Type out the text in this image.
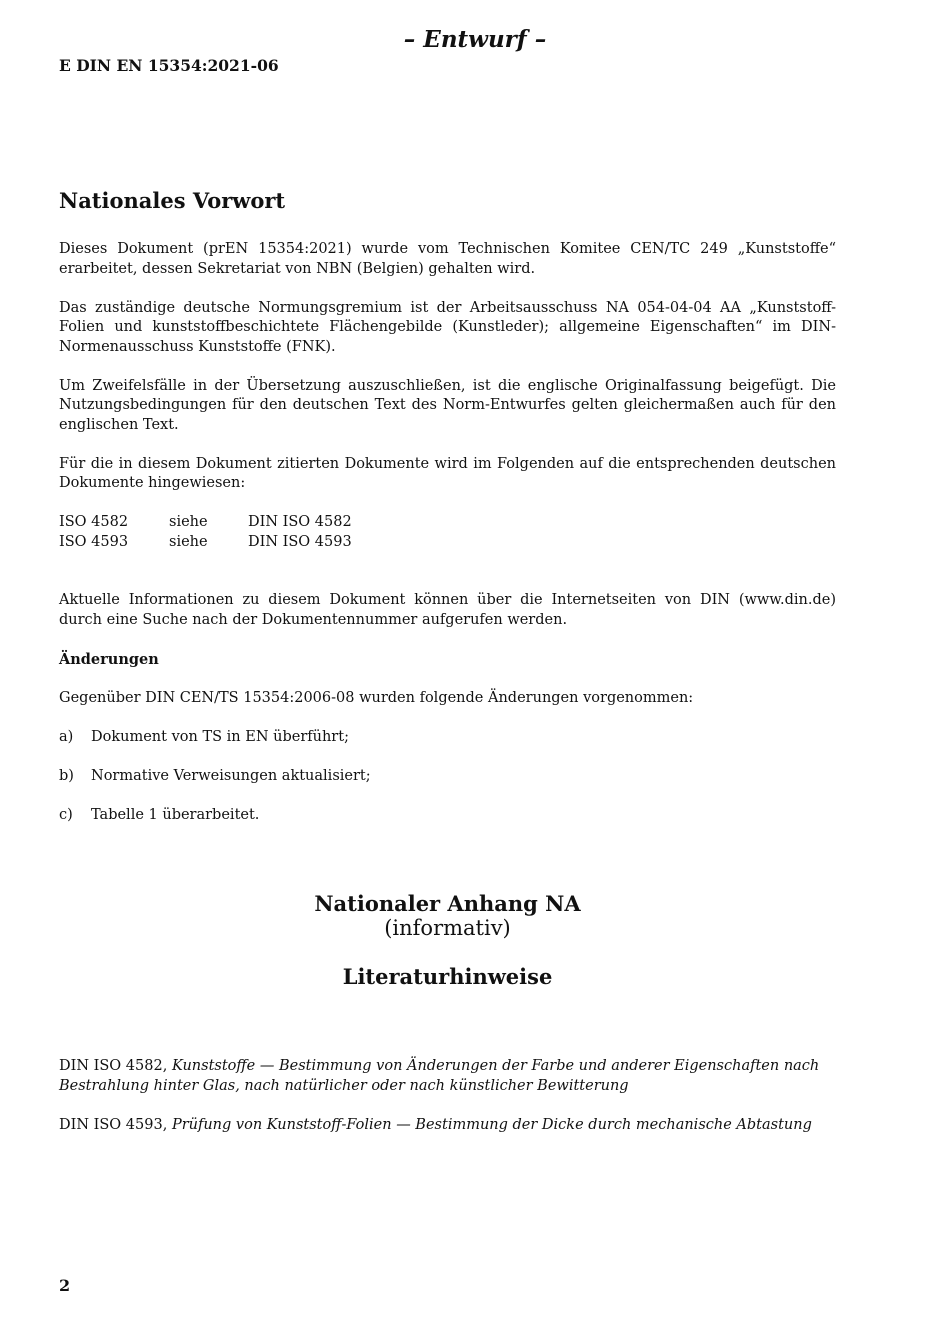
– Entwurf –
E DIN EN 15354:2021-06
Nationales Vorwort

Dieses Dokument (prEN 15354:2021) wurde vom Technischen Komitee CEN/TC 249 „Kunststoffe“ erarbeitet, dessen Sekretariat von NBN (Belgien) gehalten wird.

Das zuständige deutsche Normungsgremium ist der Arbeitsausschuss NA 054-04-04 AA „Kunststoff-Folien und kunststoffbeschichtete Flächengebilde (Kunstleder); allgemeine Eigenschaften“ im DIN-Normenausschuss Kunststoffe (FNK).

Um Zweifelsfälle in der Übersetzung auszuschließen, ist die englische Originalfassung beigefügt. Die Nutzungsbedingungen für den deutschen Text des Norm-Entwurfes gelten gleichermaßen auch für den englischen Text.

Für die in diesem Dokument zitierten Dokumente wird im Folgenden auf die entsprechenden deutschen Dokumente hingewiesen:

ISO 4582	siehe	DIN ISO 4582
ISO 4593	siehe	DIN ISO 4593

Aktuelle Informationen zu diesem Dokument können über die Internetseiten von DIN (www.din.de) durch eine Suche nach der Dokumentennummer aufgerufen werden.

Änderungen

Gegenüber DIN CEN/TS 15354:2006-08 wurden folgende Änderungen vorgenommen:

a)	Dokument von TS in EN überführt;
b)	Normative Verweisungen aktualisiert;
c)	Tabelle 1 überarbeitet.
Nationaler Anhang NA
(informativ)
Literaturhinweise

DIN ISO 4582, Kunststoffe — Bestimmung von Änderungen der Farbe und anderer Eigenschaften nach Bestrahlung hinter Glas, nach natürlicher oder nach künstlicher Bewitterung

DIN ISO 4593, Prüfung von Kunststoff-Folien — Bestimmung der Dicke durch mechanische Abtastung

2
